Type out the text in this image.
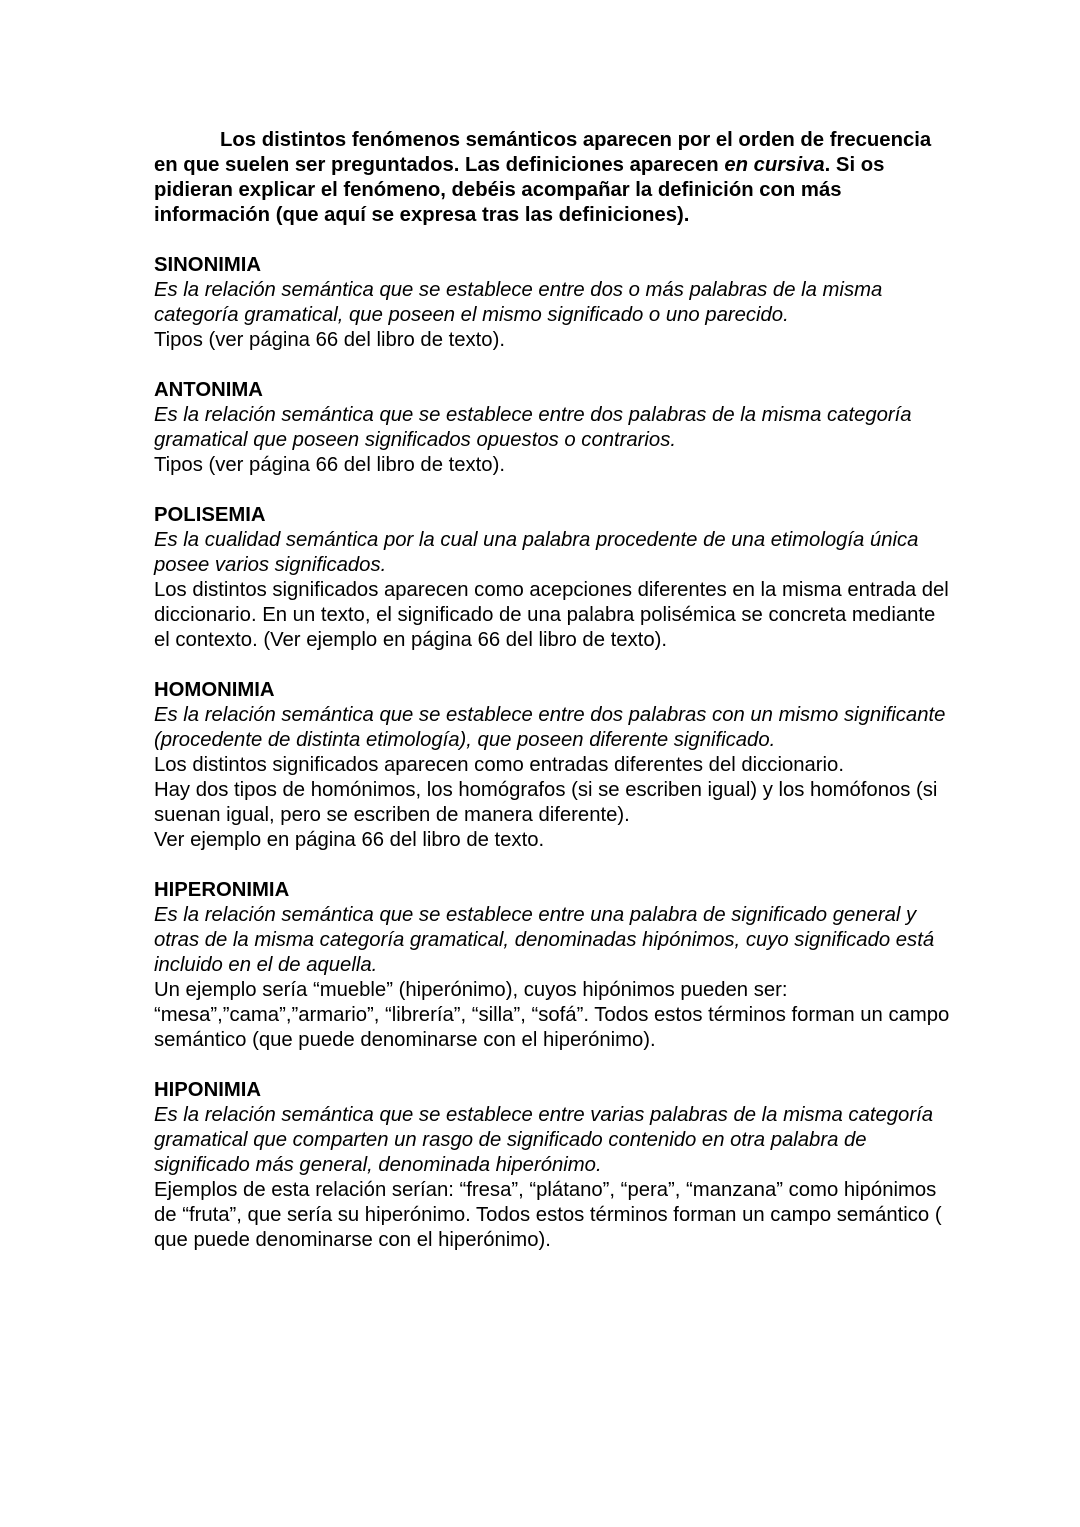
Los distintos fenómenos semánticos aparecen por el orden de frecuencia en que suelen ser preguntados. Las definiciones aparecen en cursiva. Si os pidieran explicar el fenómeno, debéis acompañar la definición con más información (que aquí se expresa tras las definiciones).

SINONIMIA

Es la relación semántica que se establece entre dos o más palabras de la misma categoría gramatical, que poseen el mismo significado o uno parecido.

Tipos (ver página 66 del libro de texto).

ANTONIMA

Es la relación semántica que se establece entre dos palabras de la misma categoría gramatical que poseen significados opuestos o contrarios.

Tipos (ver página 66 del libro de texto).

POLISEMIA

Es la cualidad semántica por la cual una palabra procedente de una etimología única posee varios significados.

Los distintos significados aparecen como acepciones diferentes en la misma entrada del diccionario. En un texto, el significado de una palabra polisémica se concreta mediante el contexto. (Ver ejemplo en página 66 del libro de texto).

HOMONIMIA

Es la relación semántica que se establece entre dos palabras con un mismo significante (procedente de distinta etimología), que poseen diferente significado.

Los distintos significados aparecen como entradas diferentes del diccionario.
Hay dos tipos de homónimos, los homógrafos (si se escriben igual) y los homófonos (si suenan igual, pero se escriben de manera diferente).
Ver ejemplo en página 66 del libro de texto.

HIPERONIMIA

Es la relación semántica que se establece entre una palabra de significado general y otras de la misma categoría gramatical, denominadas hipónimos, cuyo significado está incluido en el de aquella.

Un ejemplo sería “mueble” (hiperónimo), cuyos hipónimos pueden ser: “mesa”,”cama”,”armario”, “librería”, “silla”, “sofá”. Todos estos términos forman un campo semántico (que puede denominarse con el hiperónimo).

HIPONIMIA

Es la relación semántica que se establece entre varias palabras de la misma categoría gramatical que comparten un rasgo de significado contenido en otra palabra de significado más general, denominada hiperónimo.

Ejemplos de esta relación serían: “fresa”, “plátano”, “pera”, “manzana” como hipónimos de “fruta”, que sería su hiperónimo. Todos estos términos forman un campo semántico ( que puede denominarse con el hiperónimo).
